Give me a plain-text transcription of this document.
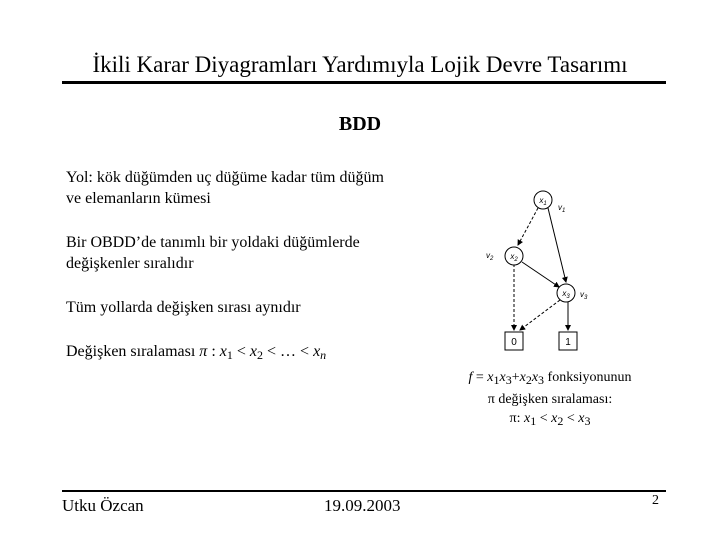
İkili Karar Diyagramları Yardımıyla Lojik Devre Tasarımı
BDD
Yol: kök düğümden uç düğüme kadar tüm düğüm
ve elemanların kümesi
Bir OBDD’de tanımlı bir yoldaki düğümlerde
değişkenler sıralıdır
Tüm yollarda değişken sırası aynıdır
Değişken sıralaması π : $x_1 < x_2$ < … < $x_n$
$x_1$ $v_1$
$x_2$
$v_2$
$x_3$ $v_3$
0	1
f = x1x3+x2x3 fonksiyonunun
π değişken sıralaması:
π: x1 < x2 < x3
Utku Özcan	19.09.2003	2
